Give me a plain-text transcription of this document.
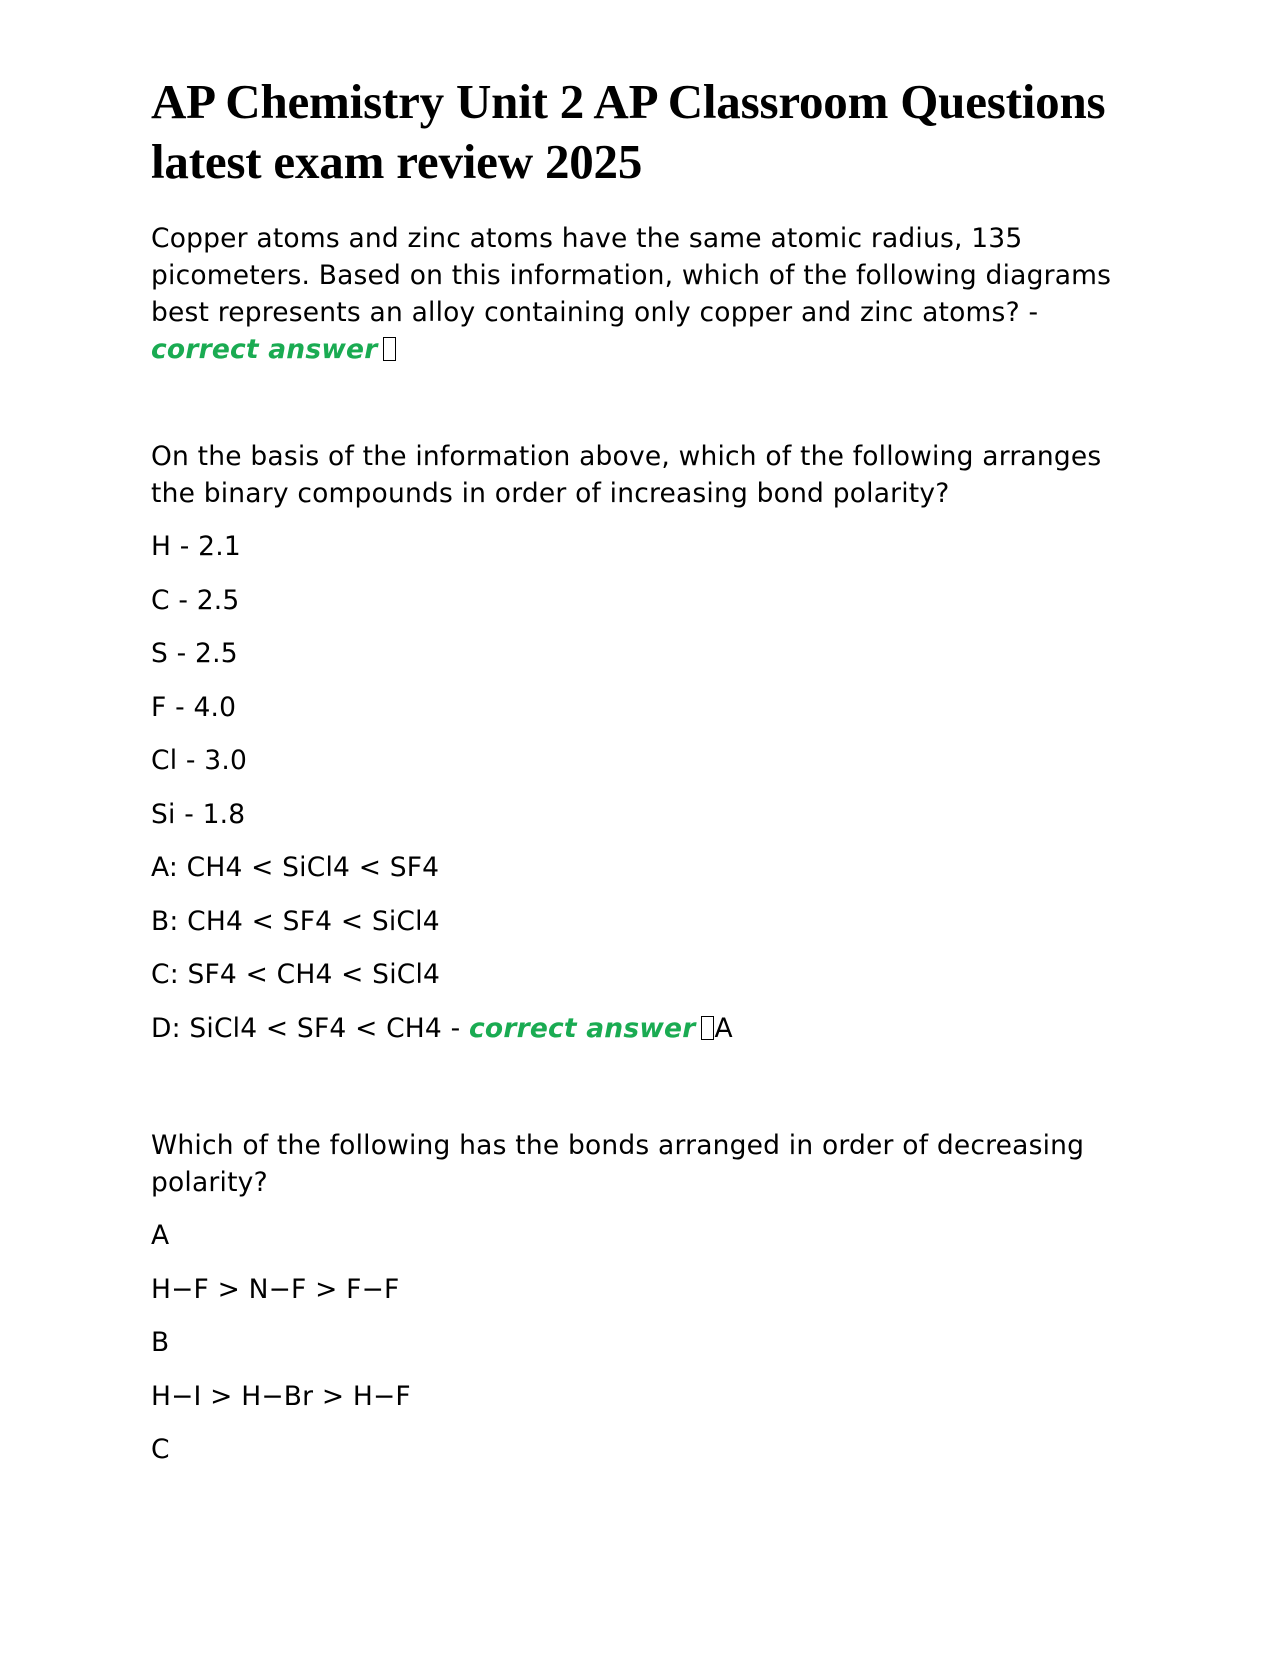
AP Chemistry Unit 2 AP Classroom Questions latest exam review 2025

Copper atoms and zinc atoms have the same atomic radius, 135 picometers. Based on this information, which of the following diagrams best represents an alloy containing only copper and zinc atoms? - correct answer

On the basis of the information above, which of the following arranges the binary compounds in order of increasing bond polarity?

H - 2.1

C - 2.5

S - 2.5

F - 4.0

Cl - 3.0

Si - 1.8

A: CH4 < SiCl4 < SF4

B: CH4 < SF4 < SiCl4

C: SF4 < CH4 < SiCl4

D: SiCl4 < SF4 < CH4 - correct answer A

Which of the following has the bonds arranged in order of decreasing polarity?

A

H−F > N−F > F−F

B

H−I > H−Br > H−F

C
